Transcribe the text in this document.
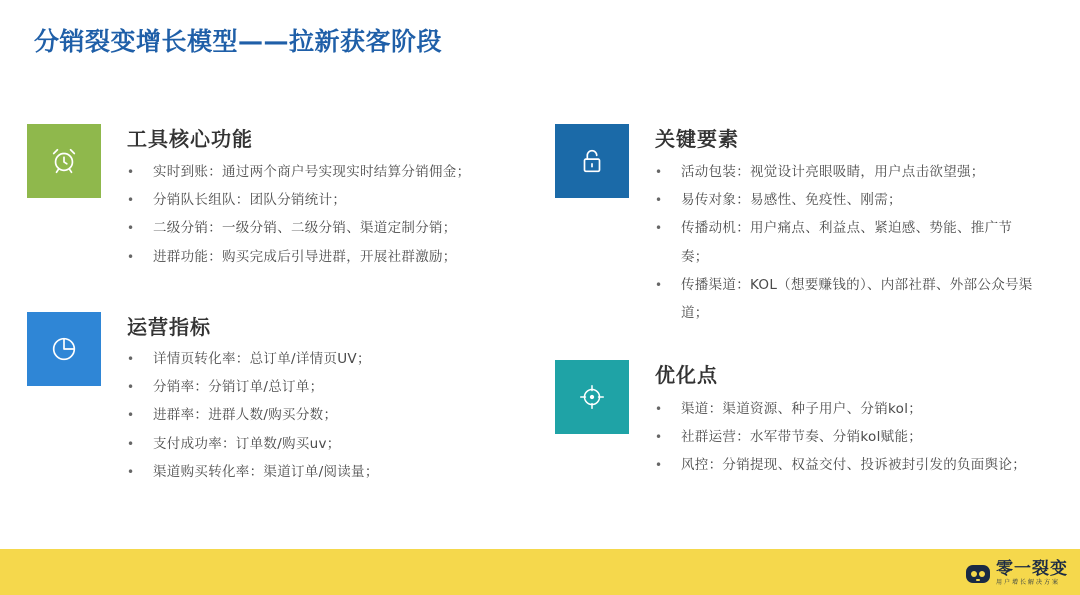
分销裂变增长模型——拉新获客阶段
工具核心功能
• 实时到账：通过两个商户号实现实时结算分销佣金；
• 分销队长组队：团队分销统计；
• 二级分销：一级分销、二级分销、渠道定制分销；
• 进群功能：购买完成后引导进群，开展社群激励；
运营指标
• 详情页转化率：总订单/详情页UV；
• 分销率：分销订单/总订单；
• 进群率：进群人数/购买分数；
• 支付成功率：订单数/购买uv；
• 渠道购买转化率：渠道订单/阅读量；
关键要素
• 活动包装：视觉设计亮眼吸睛，用户点击欲望强；
• 易传对象：易感性、免疫性、刚需；
• 传播动机：用户痛点、利益点、紧迫感、势能、推广节奏；
• 传播渠道：KOL（想要赚钱的）、内部社群、外部公众号渠道；
优化点
• 渠道：渠道资源、种子用户、分销kol；
• 社群运营：水军带节奏、分销kol赋能；
• 风控：分销提现、权益交付、投诉被封引发的负面舆论；
零一裂变
用户增长解决方案
